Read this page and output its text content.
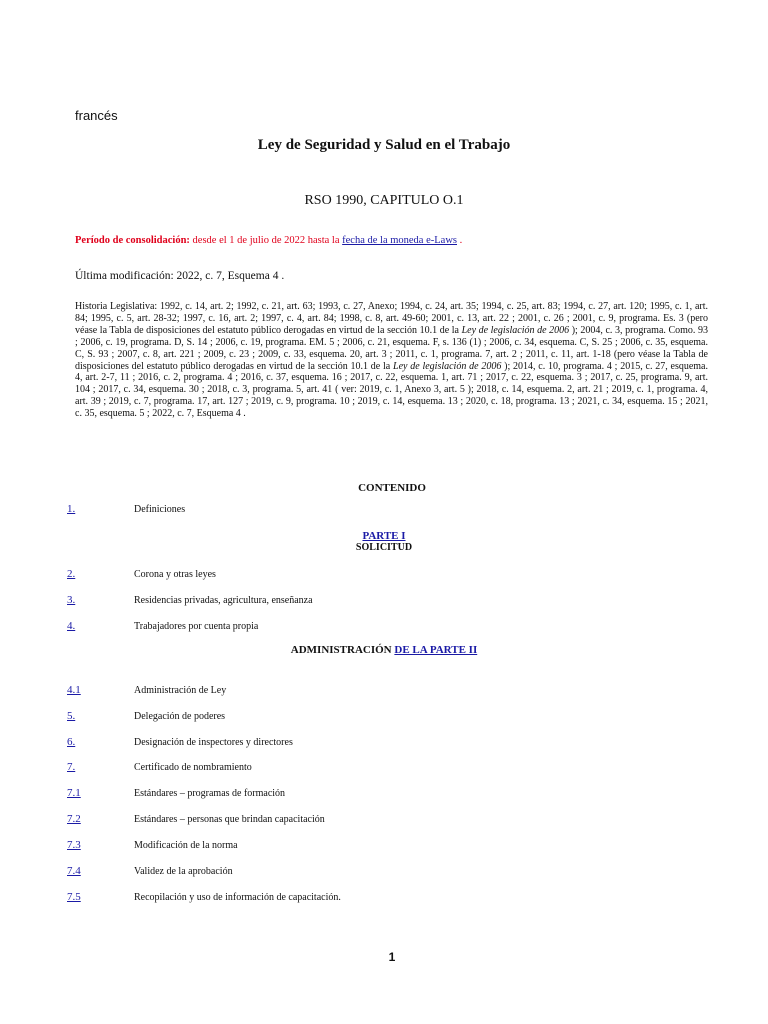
francés
Ley de Seguridad y Salud en el Trabajo
RSO 1990, CAPITULO O.1
Período de consolidación: desde el 1 de julio de 2022 hasta la fecha de la moneda e-Laws .
Última modificación: 2022, c. 7, Esquema 4 .
Historia Legislativa: 1992, c. 14, art. 2; 1992, c. 21, art. 63; 1993, c. 27, Anexo; 1994, c. 24, art. 35; 1994, c. 25, art. 83; 1994, c. 27, art. 120; 1995, c. 1, art. 84; 1995, c. 5, art. 28-32; 1997, c. 16, art. 2; 1997, c. 4, art. 84; 1998, c. 8, art. 49-60; 2001, c. 13, art. 22 ; 2001, c. 26 ; 2001, c. 9, programa. Es. 3 (pero véase la Tabla de disposiciones del estatuto público derogadas en virtud de la sección 10.1 de la Ley de legislación de 2006 ); 2004, c. 3, programa. Como. 93 ; 2006, c. 19, programa. D, S. 14 ; 2006, c. 19, programa. EM. 5 ; 2006, c. 21, esquema. F, s. 136 (1) ; 2006, c. 34, esquema. C, S. 25 ; 2006, c. 35, esquema. C, S. 93 ; 2007, c. 8, art. 221 ; 2009, c. 23 ; 2009, c. 33, esquema. 20, art. 3 ; 2011, c. 1, programa. 7, art. 2 ; 2011, c. 11, art. 1-18 (pero véase la Tabla de disposiciones del estatuto público derogadas en virtud de la sección 10.1 de la Ley de legislación de 2006 ); 2014, c. 10, programa. 4 ; 2015, c. 27, esquema. 4, art. 2-7, 11 ; 2016, c. 2, programa. 4 ; 2016, c. 37, esquema. 16 ; 2017, c. 22, esquema. 1, art. 71 ; 2017, c. 22, esquema. 3 ; 2017, c. 25, programa. 9, art. 104 ; 2017, c. 34, esquema. 30 ; 2018, c. 3, programa. 5, art. 41 ( ver: 2019, c. 1, Anexo 3, art. 5 ); 2018, c. 14, esquema. 2, art. 21 ; 2019, c. 1, programa. 4, art. 39 ; 2019, c. 7, programa. 17, art. 127 ; 2019, c. 9, programa. 10 ; 2019, c. 14, esquema. 13 ; 2020, c. 18, programa. 13 ; 2021, c. 34, esquema. 15 ; 2021, c. 35, esquema. 5 ; 2022, c. 7, Esquema 4 .
CONTENIDO
1.	Definiciones
PARTE I
SOLICITUD
2.	Corona y otras leyes
3.	Residencias privadas, agricultura, enseñanza
4.	Trabajadores por cuenta propia
ADMINISTRACIÓN DE LA PARTE II
4.1	Administración de Ley
5.	Delegación de poderes
6.	Designación de inspectores y directores
7.	Certificado de nombramiento
7.1	Estándares – programas de formación
7.2	Estándares – personas que brindan capacitación
7.3	Modificación de la norma
7.4	Validez de la aprobación
7.5	Recopilación y uso de información de capacitación.
1
